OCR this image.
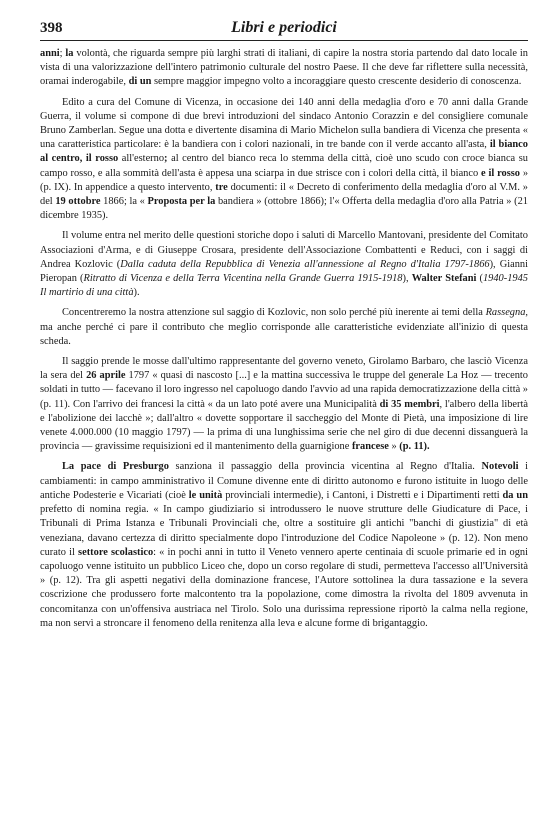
398	Libri e periodici

anni; la volontà, che riguarda sempre più larghi strati di italiani, di capire la nostra storia partendo dal dato locale in vista di una valorizzazione dell'intero patrimonio culturale del nostro Paese. Il che deve far riflettere sulla necessità, oramai inderogabile, di un sempre maggior impegno volto a incoraggiare questo crescente desiderio di conoscenza.

Edito a cura del Comune di Vicenza, in occasione dei 140 anni della medaglia d'oro e 70 anni dalla Grande Guerra, il volume si compone di due brevi introduzioni del sindaco Antonio Corazzin e del consigliere comunale Bruno Zamberlan. Segue una dotta e divertente disamina di Mario Michelon sulla bandiera di Vicenza che presenta « una caratteristica particolare: è la bandiera con i colori nazionali, in tre bande con il verde accanto all'asta, il bianco al centro, il rosso all'esterno; al centro del bianco reca lo stemma della città, cioè uno scudo con croce bianca su campo rosso, e alla sommità dell'asta è appesa una sciarpa in due strisce con i colori della città, il bianco e il rosso » (p. IX). In appendice a questo intervento, tre documenti: il « Decreto di conferimento della medaglia d'oro al V.M. » del 19 ottobre 1866; la « Proposta per la bandiera » (ottobre 1866); l'« Offerta della medaglia d'oro alla Patria » (21 dicembre 1935).

Il volume entra nel merito delle questioni storiche dopo i saluti di Marcello Mantovani, presidente del Comitato Associazioni d'Arma, e di Giuseppe Crosara, presidente dell'Associazione Combattenti e Reduci, con i saggi di Andrea Kozlovic (Dalla caduta della Repubblica di Venezia all'annessione al Regno d'Italia 1797-1866), Gianni Pieropan (Ritratto di Vicenza e della Terra Vicentina nella Grande Guerra 1915-1918), Walter Stefani (1940-1945 Il martirio di una città).

Concentreremo la nostra attenzione sul saggio di Kozlovic, non solo perché più inerente ai temi della Rassegna, ma anche perché ci pare il contributo che meglio corrisponde alle caratteristiche evidenziate all'inizio di questa scheda.

Il saggio prende le mosse dall'ultimo rappresentante del governo veneto, Girolamo Barbaro, che lasciò Vicenza la sera del 26 aprile 1797 « quasi di nascosto [...] e la mattina successiva le truppe del generale La Hoz — trecento soldati in tutto — facevano il loro ingresso nel capoluogo dando l'avvio ad una rapida democratizzazione della città » (p. 11). Con l'arrivo dei francesi la città « da un lato poté avere una Municipalità di 35 membri, l'albero della libertà e l'abolizione dei lacchè »; dall'altro « dovette sopportare il saccheggio del Monte di Pietà, una imposizione di lire venete 4.000.000 (10 maggio 1797) — la prima di una lunghissima serie che nel giro di due decenni dissanguerà la provincia — gravissime requisizioni ed il mantenimento della guarnigione francese » (p. 11).

La pace di Presburgo sanziona il passaggio della provincia vicentina al Regno d'Italia. Notevoli i cambiamenti: in campo amministrativo il Comune divenne ente di diritto autonomo e furono istituite in luogo delle antiche Podesterie e Vicariati (cioè le unità provinciali intermedie), i Cantoni, i Distretti e i Dipartimenti retti da un prefetto di nomina regia. « In campo giudiziario si introdussero le nuove strutture delle Giudicature di Pace, i Tribunali di Prima Istanza e Tribunali Provinciali che, oltre a sostituire gli antichi "banchi di giustizia" di età veneziana, davano certezza di diritto specialmente dopo l'introduzione del Codice Napoleone » (p. 12). Non meno curato il settore scolastico: « in pochi anni in tutto il Veneto vennero aperte centinaia di scuole primarie ed in ogni capoluogo venne istituito un pubblico Liceo che, dopo un corso regolare di studi, permetteva l'accesso all'Università » (p. 12). Tra gli aspetti negativi della dominazione francese, l'Autore sottolinea la dura tassazione e la severa coscrizione che produssero forte malcontento tra la popolazione, come dimostra la rivolta del 1809 avvenuta in concomitanza con un'offensiva austriaca nel Tirolo. Solo una durissima repressione riportò la calma nella regione, ma non servì a stroncare il fenomeno della renitenza alla leva e alcune forme di brigantaggio.
